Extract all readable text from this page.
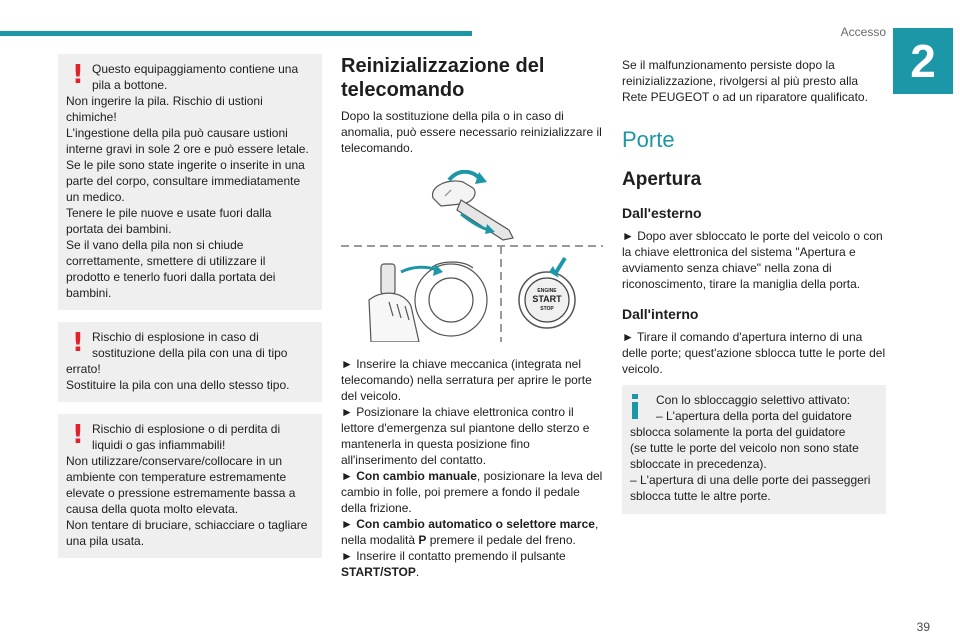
Accesso
2
39
! Questo equipaggiamento contiene una
pila a bottone.
Non ingerire la pila. Rischio di ustioni
chimiche!
L'ingestione della pila può causare ustioni
interne gravi in sole 2 ore e può essere letale.
Se le pile sono state ingerite o inserite in una
parte del corpo, consultare immediatamente
un medico.
Tenere le pile nuove e usate fuori dalla
portata dei bambini.
Se il vano della pila non si chiude
correttamente, smettere di utilizzare il
prodotto e tenerlo fuori dalla portata dei
bambini.
! Rischio di esplosione in caso di
sostituzione della pila con una di tipo
errato!
Sostituire la pila con una dello stesso tipo.
! Rischio di esplosione o di perdita di
liquidi o gas infiammabili!
Non utilizzare/conservare/collocare in un
ambiente con temperature estremamente
elevate o pressione estremamente bassa a
causa della quota molto elevata.
Non tentare di bruciare, schiacciare o tagliare
una pila usata.
Reinizializzazione del telecomando
Dopo la sostituzione della pila o in caso di anomalia, può essere necessario reinizializzare il telecomando.
ENGINE
START
STOP
► Inserire la chiave meccanica (integrata nel telecomando) nella serratura per aprire le porte del veicolo.
► Posizionare la chiave elettronica contro il lettore d'emergenza sul piantone dello sterzo e mantenerla in questa posizione fino all'inserimento del contatto.
► Con cambio manuale, posizionare la leva del cambio in folle, poi premere a fondo il pedale della frizione.
► Con cambio automatico o selettore marce, nella modalità P premere il pedale del freno.
► Inserire il contatto premendo il pulsante START/STOP.
Se il malfunzionamento persiste dopo la reinizializzazione, rivolgersi al più presto alla Rete PEUGEOT o ad un riparatore qualificato.
Porte
Apertura
Dall'esterno
► Dopo aver sbloccato le porte del veicolo o con la chiave elettronica del sistema "Apertura e avviamento senza chiave" nella zona di riconoscimento, tirare la maniglia della porta.
Dall'interno
► Tirare il comando d'apertura interno di una delle porte; quest'azione sblocca tutte le porte del veicolo.
Con lo sbloccaggio selettivo attivato:
– L'apertura della porta del guidatore
sblocca solamente la porta del guidatore
(se tutte le porte del veicolo non sono state
sbloccate in precedenza).
– L'apertura di una delle porte dei passeggeri
sblocca tutte le altre porte.
